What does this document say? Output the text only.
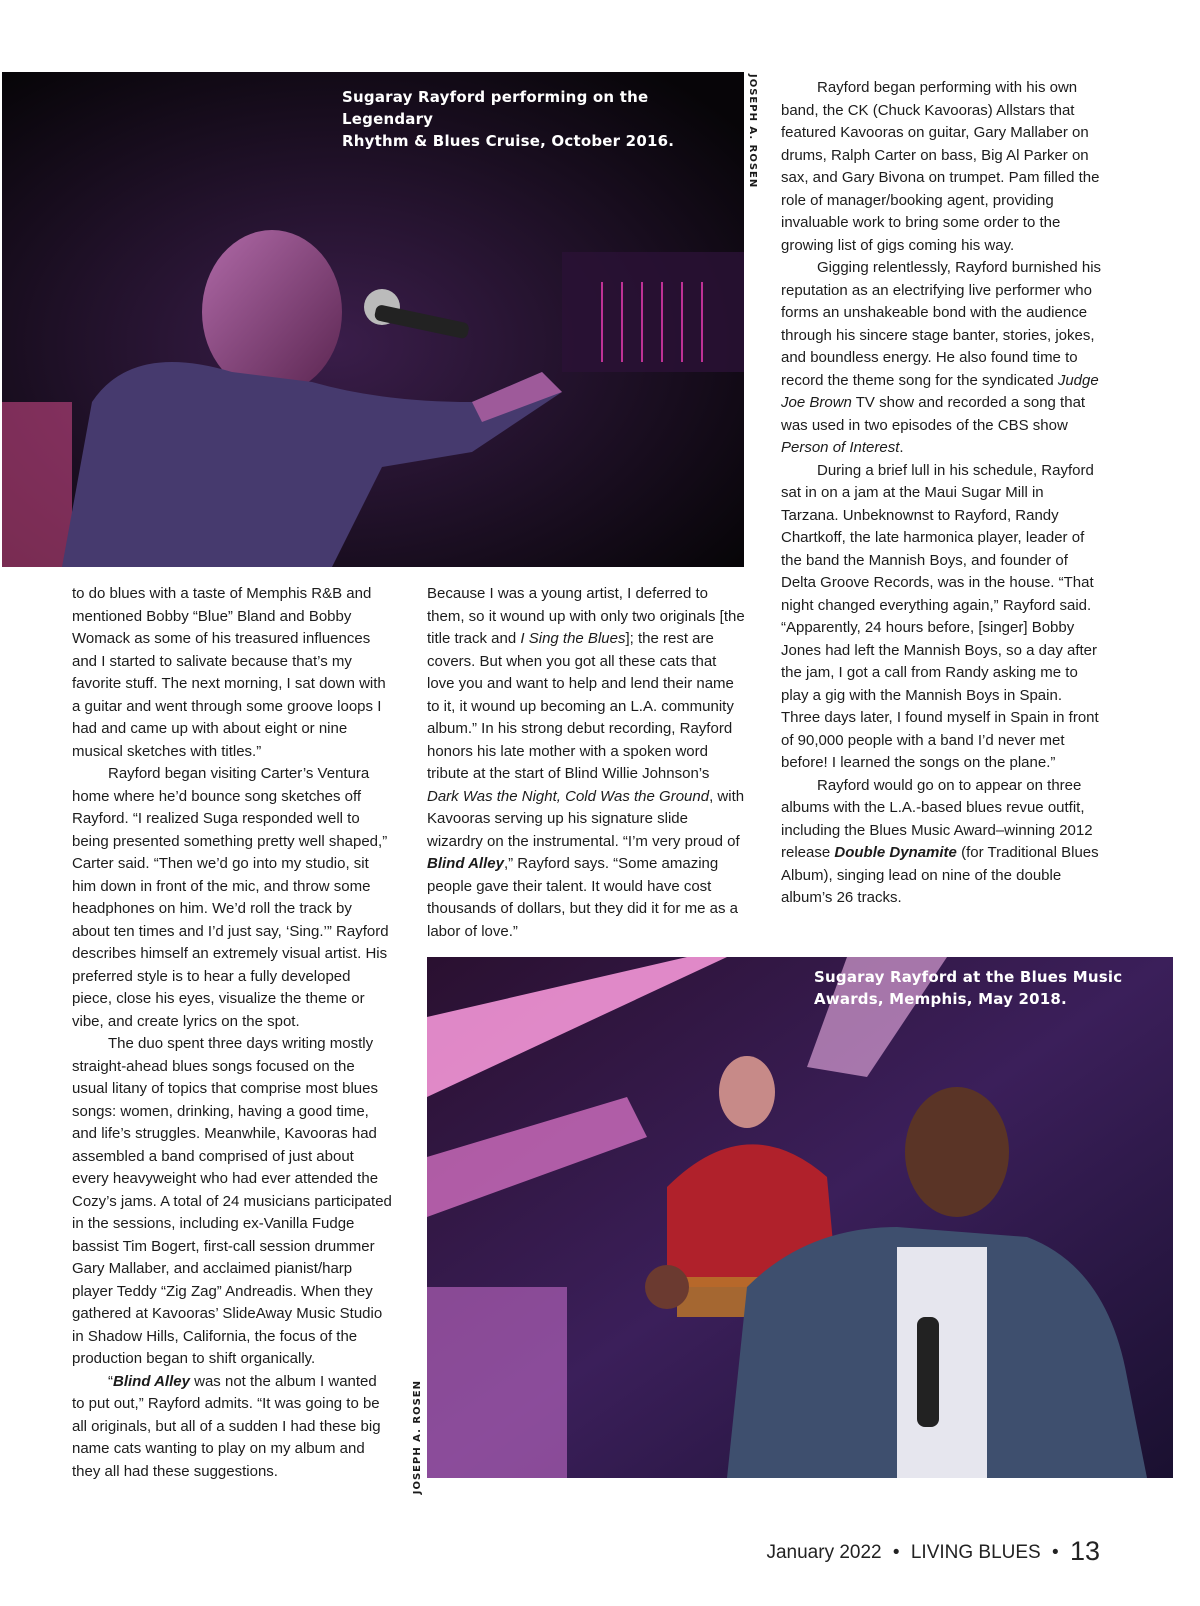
Sugaray Rayford performing on the Legendary
Rhythm & Blues Cruise, October 2016.	JOSEPH A. ROSEN	Rayford began performing with his own band, the CK (Chuck Kavooras) Allstars that featured Kavooras on guitar, Gary Mallaber on drums, Ralph Carter on bass, Big Al Parker on sax, and Gary Bivona on trumpet. Pam filled the role of manager/booking agent, providing invaluable work to bring some order to the growing list of gigs coming his way.

Gigging relentlessly, Rayford burnished his reputation as an electrifying live performer who forms an unshakeable bond with the audience through his sincere stage banter, stories, jokes, and boundless energy. He also found time to record the theme song for the syndicated Judge Joe Brown TV show and recorded a song that was used in two episodes of the CBS show Person of Interest.

During a brief lull in his schedule, Rayford sat in on a jam at the Maui Sugar Mill in Tarzana. Unbeknownst to Rayford, Randy Chartkoff, the late harmonica player, leader of the band the Mannish Boys, and founder of Delta Groove Records, was in the house. “That night changed everything again,” Rayford said. “Apparently, 24 hours before, [singer] Bobby Jones had left the Mannish Boys, so a day after the jam, I got a call from Randy asking me to play a gig with the Mannish Boys in Spain. Three days later, I found myself in Spain in front of 90,000 people with a band I’d never met before! I learned the songs on the plane.”

Rayford would go on to appear on three albums with the L.A.-based blues revue outfit, including the Blues Music Award–winning 2012 release Double Dynamite (for Traditional Blues Album), singing lead on nine of the double album’s 26 tracks.

to do blues with a taste of Memphis R&B and mentioned Bobby “Blue” Bland and Bobby Womack as some of his treasured influences and I started to salivate because that’s my favorite stuff. The next morning, I sat down with a guitar and went through some groove loops I had and came up with about eight or nine musical sketches with titles.”

Rayford began visiting Carter’s Ventura home where he’d bounce song sketches off Rayford. “I realized Suga responded well to being presented something pretty well shaped,” Carter said. “Then we’d go into my studio, sit him down in front of the mic, and throw some headphones on him. We’d roll the track by about ten times and I’d just say, ‘Sing.’” Rayford describes himself an extremely visual artist. His preferred style is to hear a fully developed piece, close his eyes, visualize the theme or vibe, and create lyrics on the spot.

The duo spent three days writing mostly straight-ahead blues songs focused on the usual litany of topics that comprise most blues songs: women, drinking, having a good time, and life’s struggles. Meanwhile, Kavooras had assembled a band comprised of just about every heavyweight who had ever attended the Cozy’s jams. A total of 24 musicians participated in the sessions, including ex-Vanilla Fudge bassist Tim Bogert, first-call session drummer Gary Mallaber, and acclaimed pianist/harp player Teddy “Zig Zag” Andreadis. When they gathered at Kavooras’ SlideAway Music Studio in Shadow Hills, California, the focus of the production began to shift organically.

“Blind Alley was not the album I wanted to put out,” Rayford admits. “It was going to be all originals, but all of a sudden I had these big name cats wanting to play on my album and they all had these suggestions.

Because I was a young artist, I deferred to them, so it wound up with only two originals [the title track and I Sing the Blues]; the rest are covers. But when you got all these cats that love you and want to help and lend their name to it, it wound up becoming an L.A. community album.” In his strong debut recording, Rayford honors his late mother with a spoken word tribute at the start of Blind Willie Johnson’s Dark Was the Night, Cold Was the Ground, with Kavooras serving up his signature slide wizardry on the instrumental. “I’m very proud of Blind Alley,” Rayford says. “Some amazing people gave their talent. It would have cost thousands of dollars, but they did it for me as a labor of love.”

Sugaray Rayford at the Blues Music
Awards, Memphis, May 2018.
JOSEPH A. ROSEN
January 2022 • LIVING BLUES • 13
